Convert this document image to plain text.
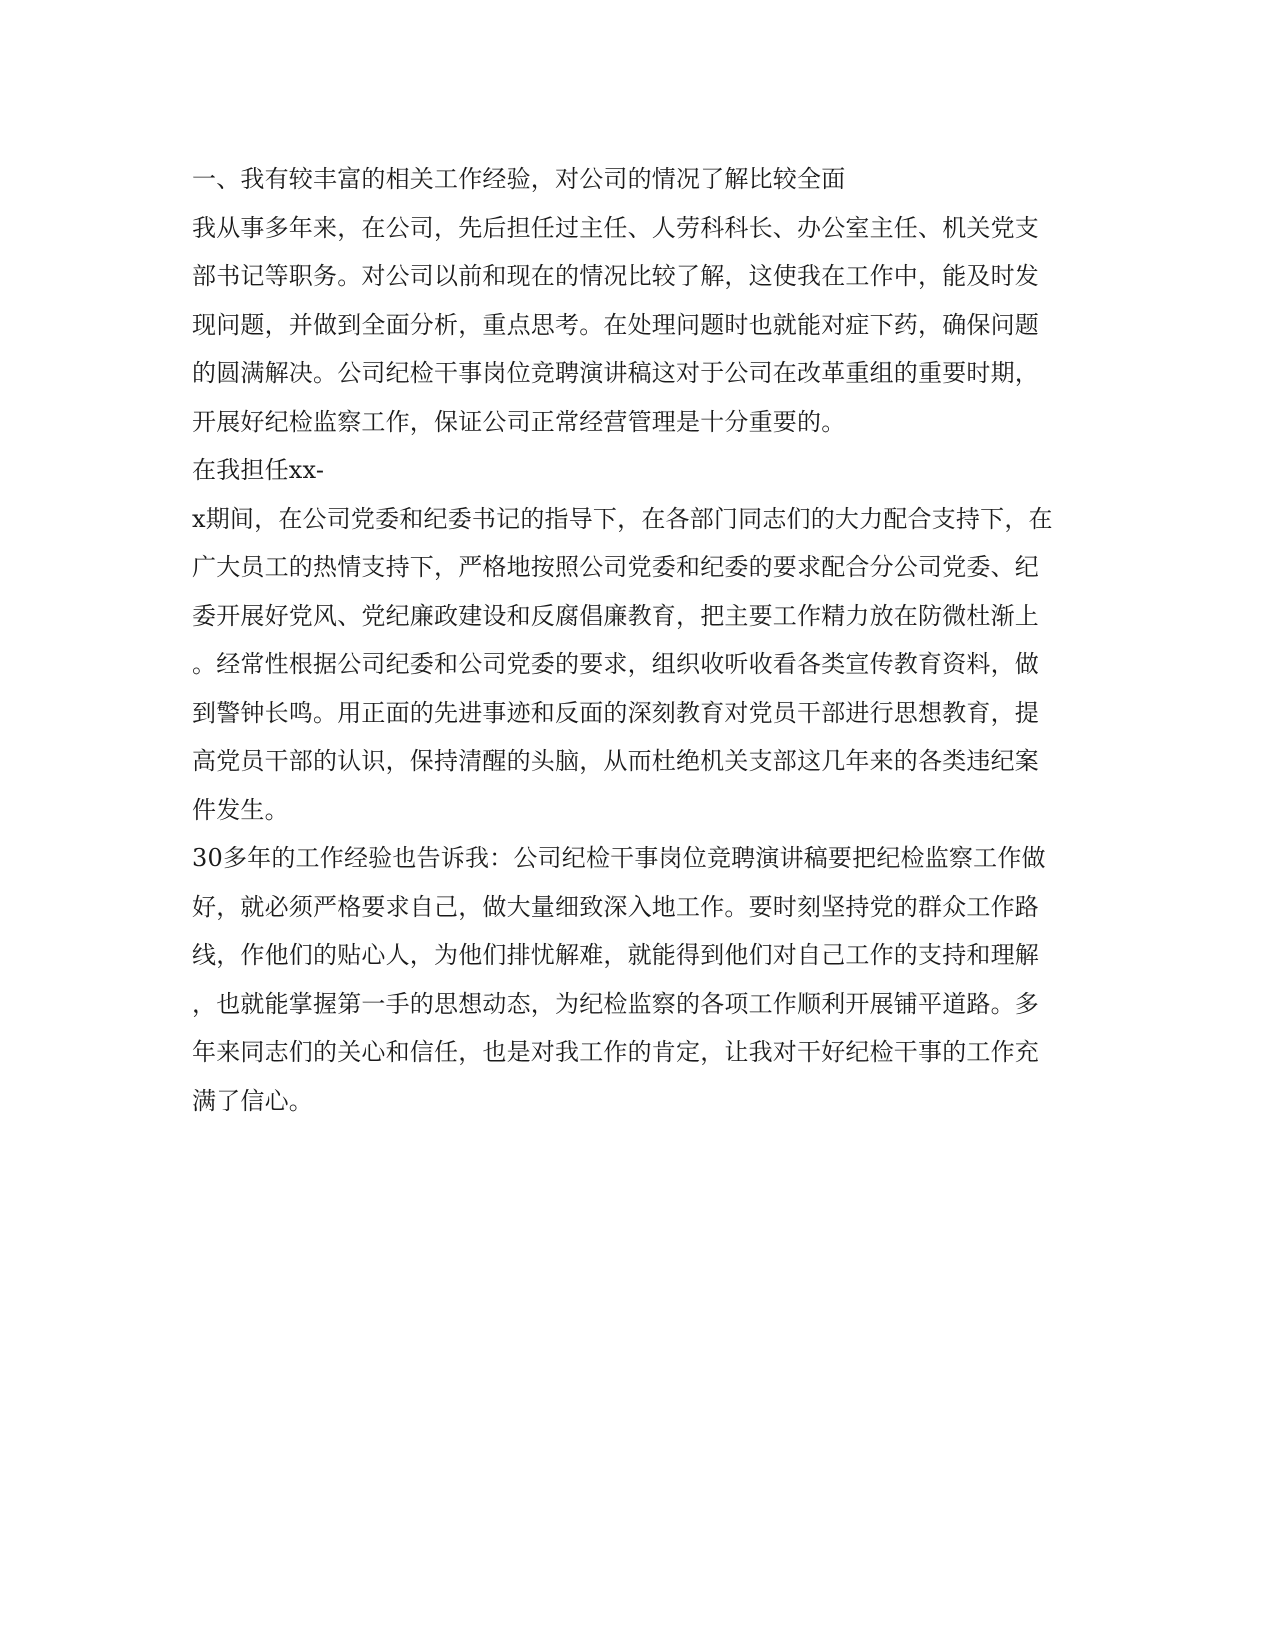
一、我有较丰富的相关工作经验，对公司的情况了解比较全面
我从事多年来，在公司，先后担任过主任、人劳科科长、办公室主任、机关党支
部书记等职务。对公司以前和现在的情况比较了解，这使我在工作中，能及时发
现问题，并做到全面分析，重点思考。在处理问题时也就能对症下药，确保问题
的圆满解决。公司纪检干事岗位竞聘演讲稿这对于公司在改革重组的重要时期，
开展好纪检监察工作，保证公司正常经营管理是十分重要的。
在我担任xx-
x期间，在公司党委和纪委书记的指导下，在各部门同志们的大力配合支持下，在
广大员工的热情支持下，严格地按照公司党委和纪委的要求配合分公司党委、纪
委开展好党风、党纪廉政建设和反腐倡廉教育，把主要工作精力放在防微杜渐上
。经常性根据公司纪委和公司党委的要求，组织收听收看各类宣传教育资料，做
到警钟长鸣。用正面的先进事迹和反面的深刻教育对党员干部进行思想教育，提
高党员干部的认识，保持清醒的头脑，从而杜绝机关支部这几年来的各类违纪案
件发生。
30多年的工作经验也告诉我：公司纪检干事岗位竞聘演讲稿要把纪检监察工作做
好，就必须严格要求自己，做大量细致深入地工作。要时刻坚持党的群众工作路
线，作他们的贴心人，为他们排忧解难，就能得到他们对自己工作的支持和理解
，也就能掌握第一手的思想动态，为纪检监察的各项工作顺利开展铺平道路。多
年来同志们的关心和信任，也是对我工作的肯定，让我对干好纪检干事的工作充
满了信心。
